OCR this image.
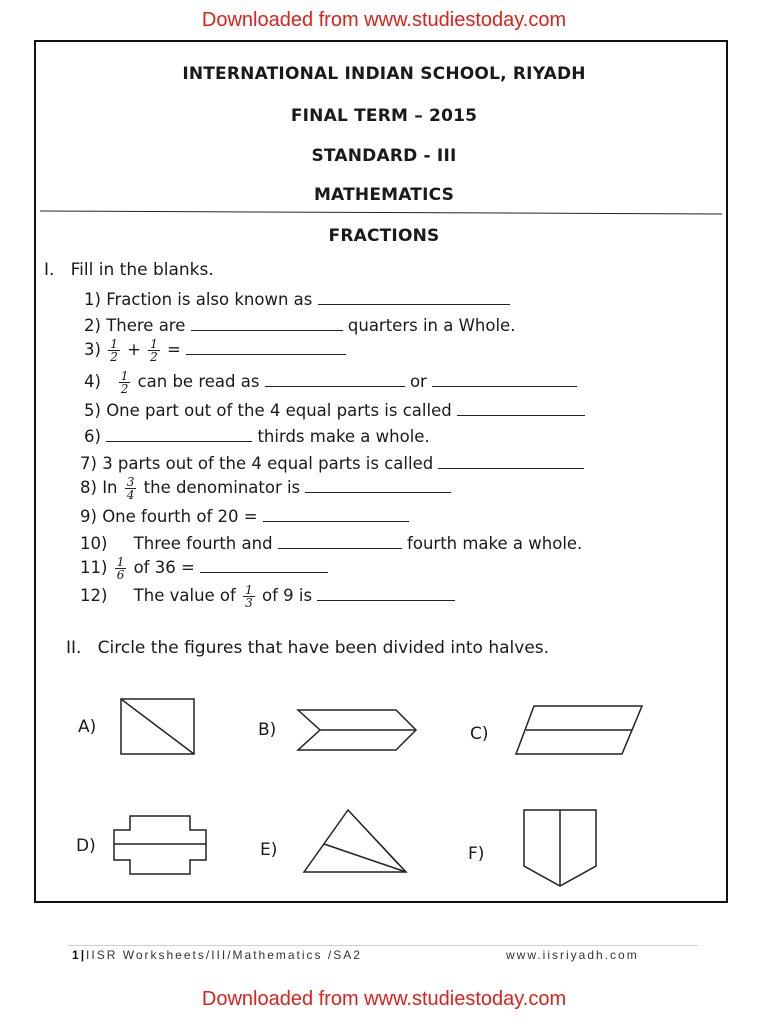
Downloaded from www.studiestoday.com
INTERNATIONAL INDIAN SCHOOL, RIYADH
FINAL TERM – 2015
STANDARD - III
MATHEMATICS
FRACTIONS
I. Fill in the blanks.
1) Fraction is also known as
2) There are	quarters in a Whole.
$3) \frac{1}{2} + \frac{1}{2}$ =
$4) \frac{1}{2}$ can be read as	or
5) One part out of the 4 equal parts is called
6)	thirds make a whole.
7) 3 parts out of the 4 equal parts is called
8) In $\frac{3}{4}$ the denominator is
9) One fourth of 20 =
10) Three fourth and	fourth make a whole.
$11) \frac{1}{6}$ of 36 =
12) The value of $\frac{1}{3}$ of 9 is
II. Circle the figures that have been divided into halves.
A)	B)	C)
D)	E)	F)
1|IISR Worksheets/III/Mathematics /SA2	www.iisriyadh.com
Downloaded from www.studiestoday.com
